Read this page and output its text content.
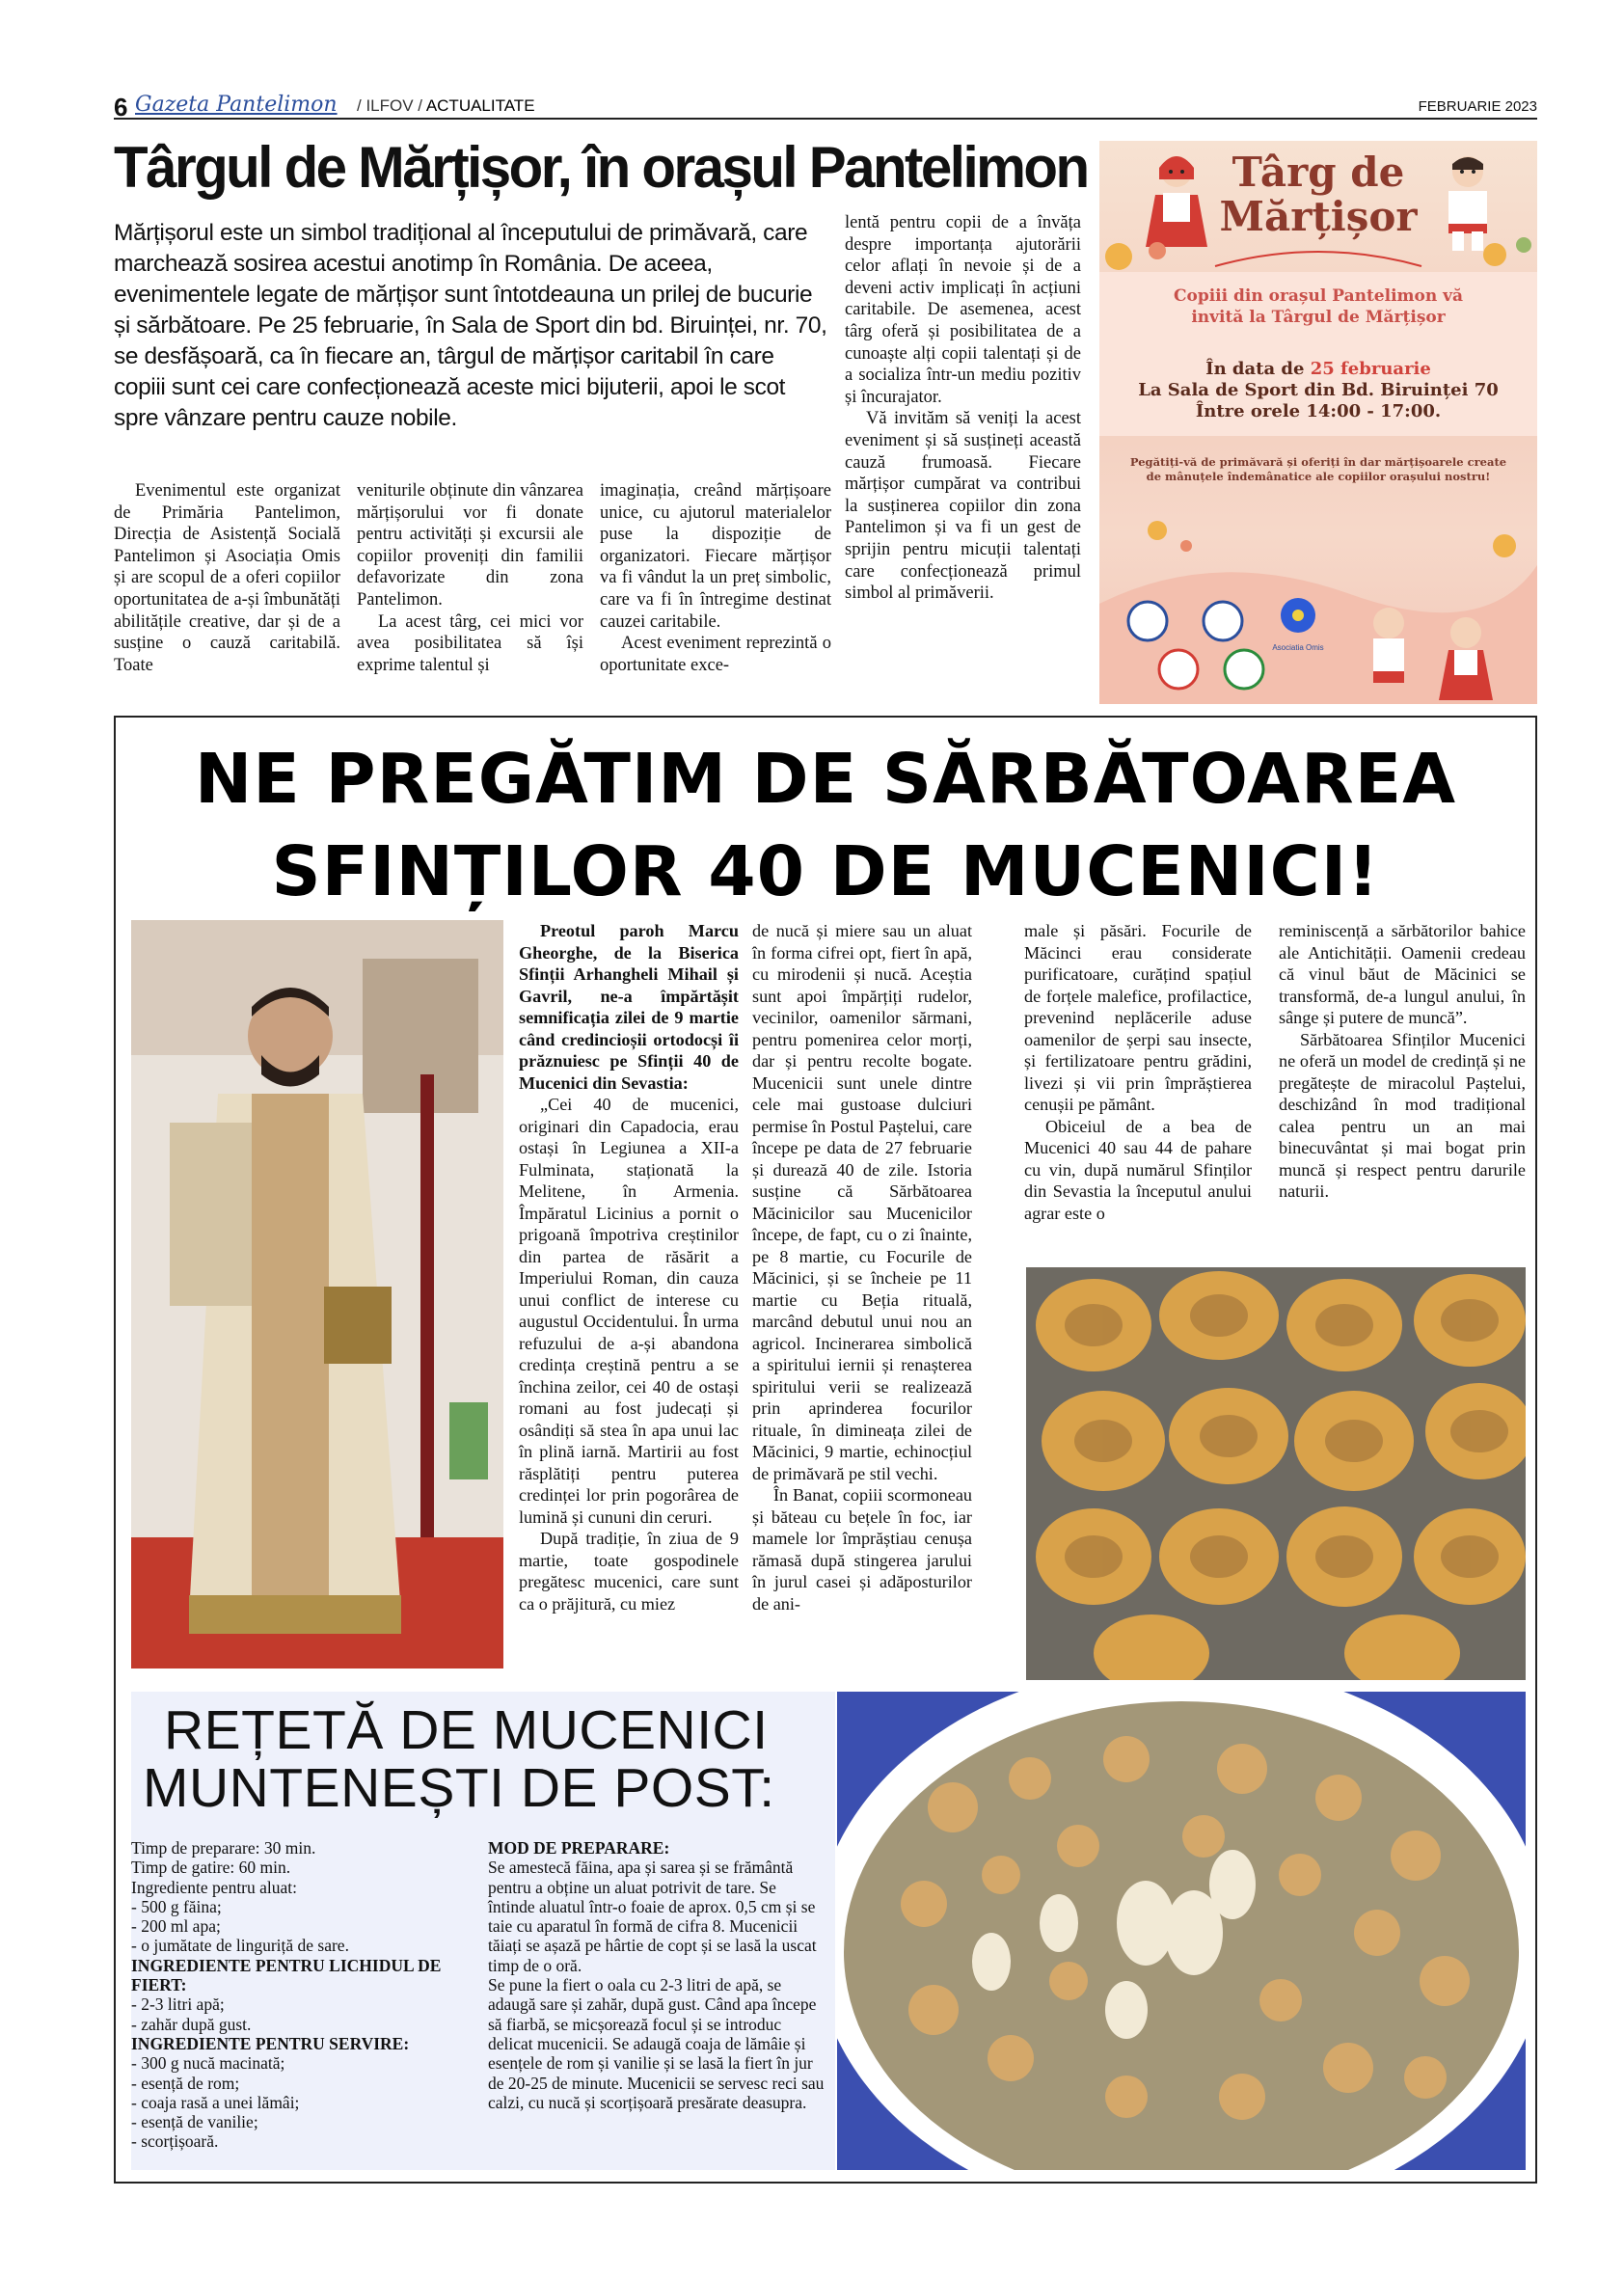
6 Gazeta Pantelimon / ILFOV / ACTUALITATE	FEBRUARIE 2023
Târgul de Mărțișor, în orașul Pantelimon
Mărțișorul este un simbol tradițional al începutului de primăvară, care marchează sosirea acestui anotimp în România. De aceea, evenimentele legate de mărțișor sunt întotdeauna un prilej de bucurie și sărbătoare. Pe 25 februarie, în Sala de Sport din bd. Biruinței, nr. 70, se desfășoară, ca în fiecare an, târgul de mărțișor caritabil în care copiii sunt cei care confecționează aceste mici bijuterii, apoi le scot spre vânzare pentru cauze nobile.

lentă pentru copii de a învăța despre importanța ajutorării celor aflați în nevoie și de a deveni activ implicați în acțiuni caritabile. De asemenea, acest târg oferă și posibilitatea de a cunoaște alți copii talentați și de a socializa într-un mediu pozitiv și încurajator.

Vă invităm să veniți la acest eveniment și să susțineți această cauză frumoasă. Fiecare mărțișor cumpărat va contribui la susținerea copiilor din zona Pantelimon și va fi un gest de sprijin pentru micuții talentați care confecționează primul simbol al primăverii.

Evenimentul este organizat de Primăria Pantelimon, Direcția de Asistență Socială Pantelimon și Asociația Omis și are scopul de a oferi copiilor oportunitatea de a-și îmbunătăți abilitățile creative, dar și de a susține o cauză caritabilă. Toate

veniturile obținute din vânzarea mărțișorului vor fi donate pentru activități și excursii ale copiilor proveniți din familii defavorizate din zona Pantelimon.

La acest târg, cei mici vor avea posibilitatea să își exprime talentul și

imaginația, creând mărțișoare unice, cu ajutorul materialelor puse la dispoziție de organizatori. Fiecare mărțișor va fi vândut la un preț simbolic, care va fi în întregime destinat cauzei caritabile.

Acest eveniment reprezintă o oportunitate exce-

Târg de
Mărțișor
Copiii din orașul Pantelimon vă
invită la Târgul de Mărțișor
În data de 25 februarie
La Sala de Sport din Bd. Biruinței 70
Între orele 14:00 - 17:00.
Pegătiți-vă de primăvară și oferiți în dar mărțișoarele create de mânuțele îndemânatice ale copiilor orașului nostru!
Asociatia Omis
NE PREGĂTIM DE SĂRBĂTOAREA
SFINȚILOR 40 DE MUCENICI!

Preotul paroh Marcu Gheorghe, de la Biserica Sfinții Arhangheli Mihail și Gavril, ne-a împărtășit semnificația zilei de 9 martie când credincioșii ortodocși îi prăznuiesc pe Sfinții 40 de Mucenici din Sevastia:

„Cei 40 de mucenici, originari din Capadocia, erau ostași în Legiunea a XII-a Fulminata, staționată la Melitene, în Armenia. Împăratul Licinius a pornit o prigoană împotriva creștinilor din partea de răsărit a Imperiului Roman, din cauza unui conflict de interese cu augustul Occidentului. În urma refuzului de a-și abandona credința creștină pentru a se închina zeilor, cei 40 de ostași romani au fost judecați și osândiți să stea în apa unui lac în plină iarnă. Martirii au fost răsplătiți pentru puterea credinței lor prin pogorârea de lumină și cununi din ceruri.

După tradiție, în ziua de 9 martie, toate gospodinele pregătesc mucenici, care sunt ca o prăjitură, cu miez

de nucă și miere sau un aluat în forma cifrei opt, fiert în apă, cu mirodenii și nucă. Aceștia sunt apoi împărțiți rudelor, vecinilor, oamenilor sărmani, pentru pomenirea celor morți, dar și pentru recolte bogate. Mucenicii sunt unele dintre cele mai gustoase dulciuri permise în Postul Paștelui, care începe pe data de 27 februarie și durează 40 de zile. Istoria susține că Sărbătoarea Măcinicilor sau Mucenicilor începe, de fapt, cu o zi înainte, pe 8 martie, cu Focurile de Măcinici, și se încheie pe 11 martie cu Beția rituală, marcând debutul unui nou an agricol. Incinerarea simbolică a spiritului iernii și renașterea spiritului verii se realizează prin aprinderea focurilor rituale, în dimineața zilei de Măcinici, 9 martie, echinocțiul de primăvară pe stil vechi.

În Banat, copiii scormoneau și băteau cu bețele în foc, iar mamele lor împrăștiau cenușa rămasă după stingerea jarului în jurul casei și adăposturilor de ani-

male și păsări. Focurile de Măcinci erau considerate purificatoare, curățind spațiul de forțele malefice, profilactice, prevenind neplăcerile aduse oamenilor de șerpi sau insecte, și fertilizatoare pentru grădini, livezi și vii prin împrăștierea cenușii pe pământ.

Obiceiul de a bea de Mucenici 40 sau 44 de pahare cu vin, după numărul Sfinților din Sevastia la începutul anului agrar este o

reminiscență a sărbătorilor bahice ale Antichității. Oamenii credeau că vinul băut de Măcinici se transformă, de-a lungul anului, în sânge și putere de muncă”.

Sărbătoarea Sfinților Mucenici ne oferă un model de credință și ne pregătește de miracolul Paștelui, deschizând în mod tradițional calea pentru un an mai binecuvântat și mai bogat prin muncă și respect pentru darurile naturii.

REȚETĂ DE MUCENICI
MUNTENEȘTI DE POST:
Timp de preparare: 30 min.
Timp de gatire: 60 min.
Ingrediente pentru aluat:
- 500 g făina;
- 200 ml apa;
- o jumătate de linguriță de sare.
INGREDIENTE PENTRU LICHIDUL DE FIERT:
- 2-3 litri apă;
- zahăr după gust.
INGREDIENTE PENTRU SERVIRE:
- 300 g nucă macinată;
- esență de rom;
- coaja rasă a unei lămâi;
- esență de vanilie;
- scorțișoară.
MOD DE PREPARARE:

Se amestecă făina, apa și sarea și se frământă pentru a obține un aluat potrivit de tare. Se întinde aluatul într-o foaie de aprox. 0,5 cm și se taie cu aparatul în formă de cifra 8. Mucenicii tăiați se așază pe hârtie de copt și se lasă la uscat timp de o oră.

Se pune la fiert o oala cu 2-3 litri de apă, se adaugă sare și zahăr, după gust. Când apa începe să fiarbă, se micșorează focul și se introduc delicat mucenicii. Se adaugă coaja de lămâie și esențele de rom și vanilie și se lasă la fiert în jur de 20-25 de minute. Mucenicii se servesc reci sau calzi, cu nucă și scorțișoară presărate deasupra.
